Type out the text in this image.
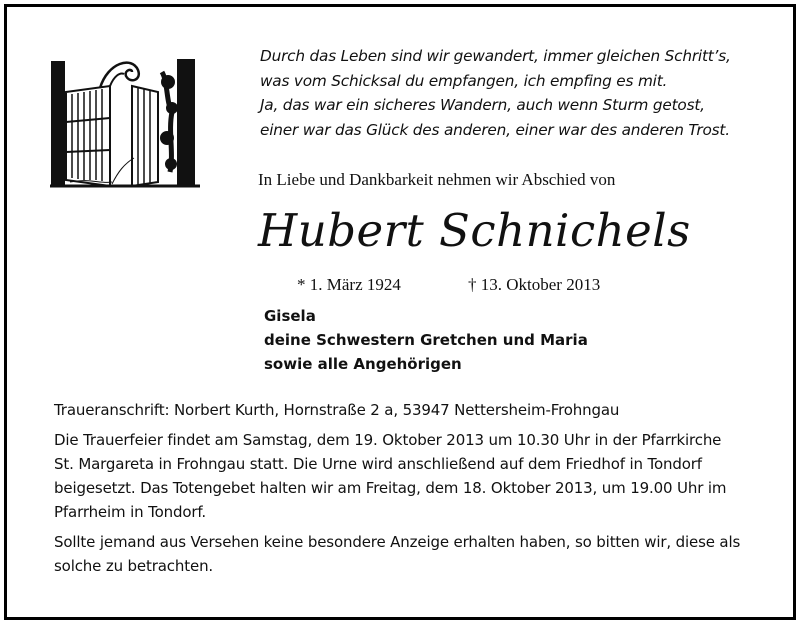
Durch das Leben sind wir gewandert, immer gleichen Schritt’s,
was vom Schicksal du empfangen, ich empfing es mit.
Ja, das war ein sicheres Wandern, auch wenn Sturm getost,
einer war das Glück des anderen, einer war des anderen Trost.
In Liebe und Dankbarkeit nehmen wir Abschied von
Hubert Schnichels
* 1. März 1924	† 13. Oktober 2013
Gisela
deine Schwestern Gretchen und Maria
sowie alle Angehörigen

Traueranschrift: Norbert Kurth, Hornstraße 2 a, 53947 Nettersheim-Frohngau

Die Trauerfeier findet am Samstag, dem 19. Oktober 2013 um 10.30 Uhr in der Pfarrkirche

St. Margareta in Frohngau statt. Die Urne wird anschließend auf dem Friedhof in Tondorf

beigesetzt. Das Totengebet halten wir am Freitag, dem 18. Oktober 2013, um 19.00 Uhr im

Pfarrheim in Tondorf.

Sollte jemand aus Versehen keine besondere Anzeige erhalten haben, so bitten wir, diese als

solche zu betrachten.
